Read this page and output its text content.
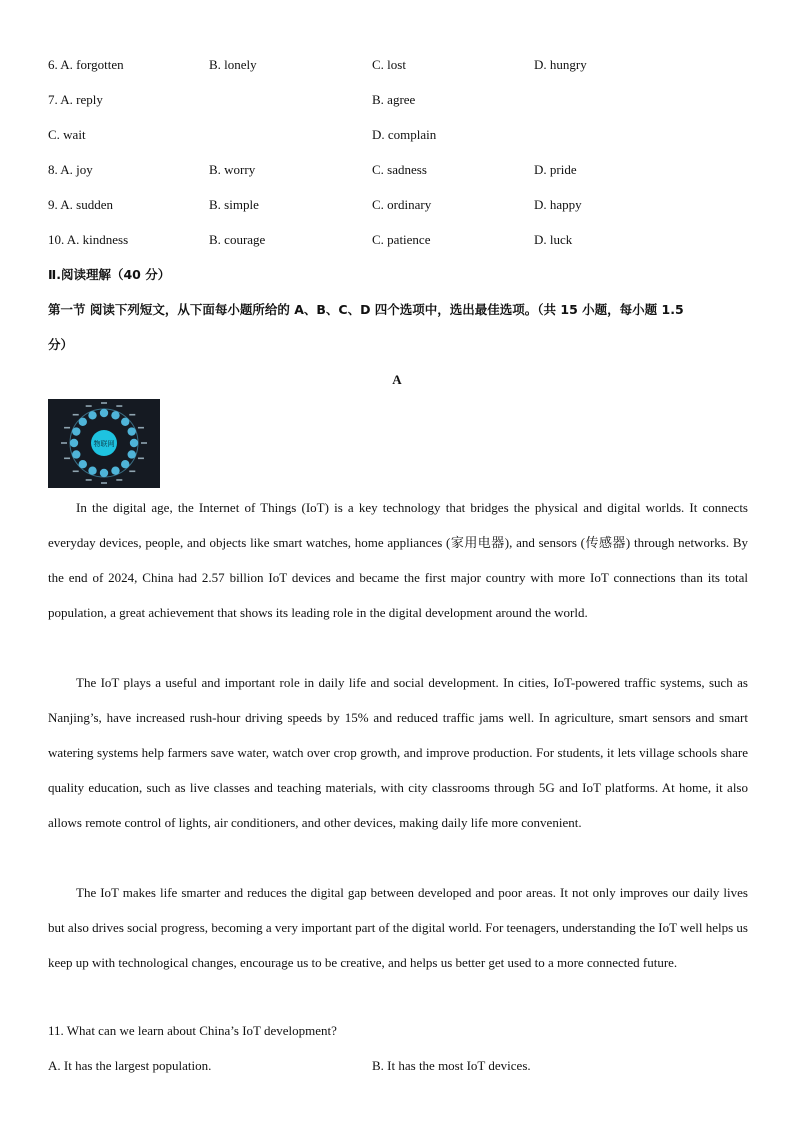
6. A. forgotten	B. lonely	C. lost	D. hungry
7. A. reply	B. agree
C. wait	D. complain
8. A. joy	B. worry	C. sadness	D. pride
9. A. sudden	B. simple	C. ordinary	D. happy
10. A. kindness	B. courage	C. patience	D. luck
Ⅱ.阅读理解（40 分）
第一节 阅读下列短文，从下面每小题所给的 A、B、C、D 四个选项中，选出最佳选项。（共 15 小题，每小题 1.5
分）
A
物联网

In the digital age, the Internet of Things (IoT) is a key technology that bridges the physical and digital worlds. It connects everyday devices, people, and objects like smart watches, home appliances (家用电器), and sensors (传感器) through networks. By the end of 2024, China had 2.57 billion IoT devices and became the first major country with more IoT connections than its total population, a great achievement that shows its leading role in the digital development around the world.

The IoT plays a useful and important role in daily life and social development. In cities, IoT-powered traffic systems, such as Nanjing’s, have increased rush-hour driving speeds by 15% and reduced traffic jams well. In agriculture, smart sensors and smart watering systems help farmers save water, watch over crop growth, and improve production. For students, it lets village schools share quality education, such as live classes and teaching materials, with city classrooms through 5G and IoT platforms. At home, it also allows remote control of lights, air conditioners, and other devices, making daily life more convenient.

The IoT makes life smarter and reduces the digital gap between developed and poor areas. It not only improves our daily lives but also drives social progress, becoming a very important part of the digital world. For teenagers, understanding the IoT well helps us keep up with technological changes, encourage us to be creative, and helps us better get used to a more connected future.

11. What can we learn about China’s IoT development?
A. It has the largest population.	B. It has the most IoT devices.
